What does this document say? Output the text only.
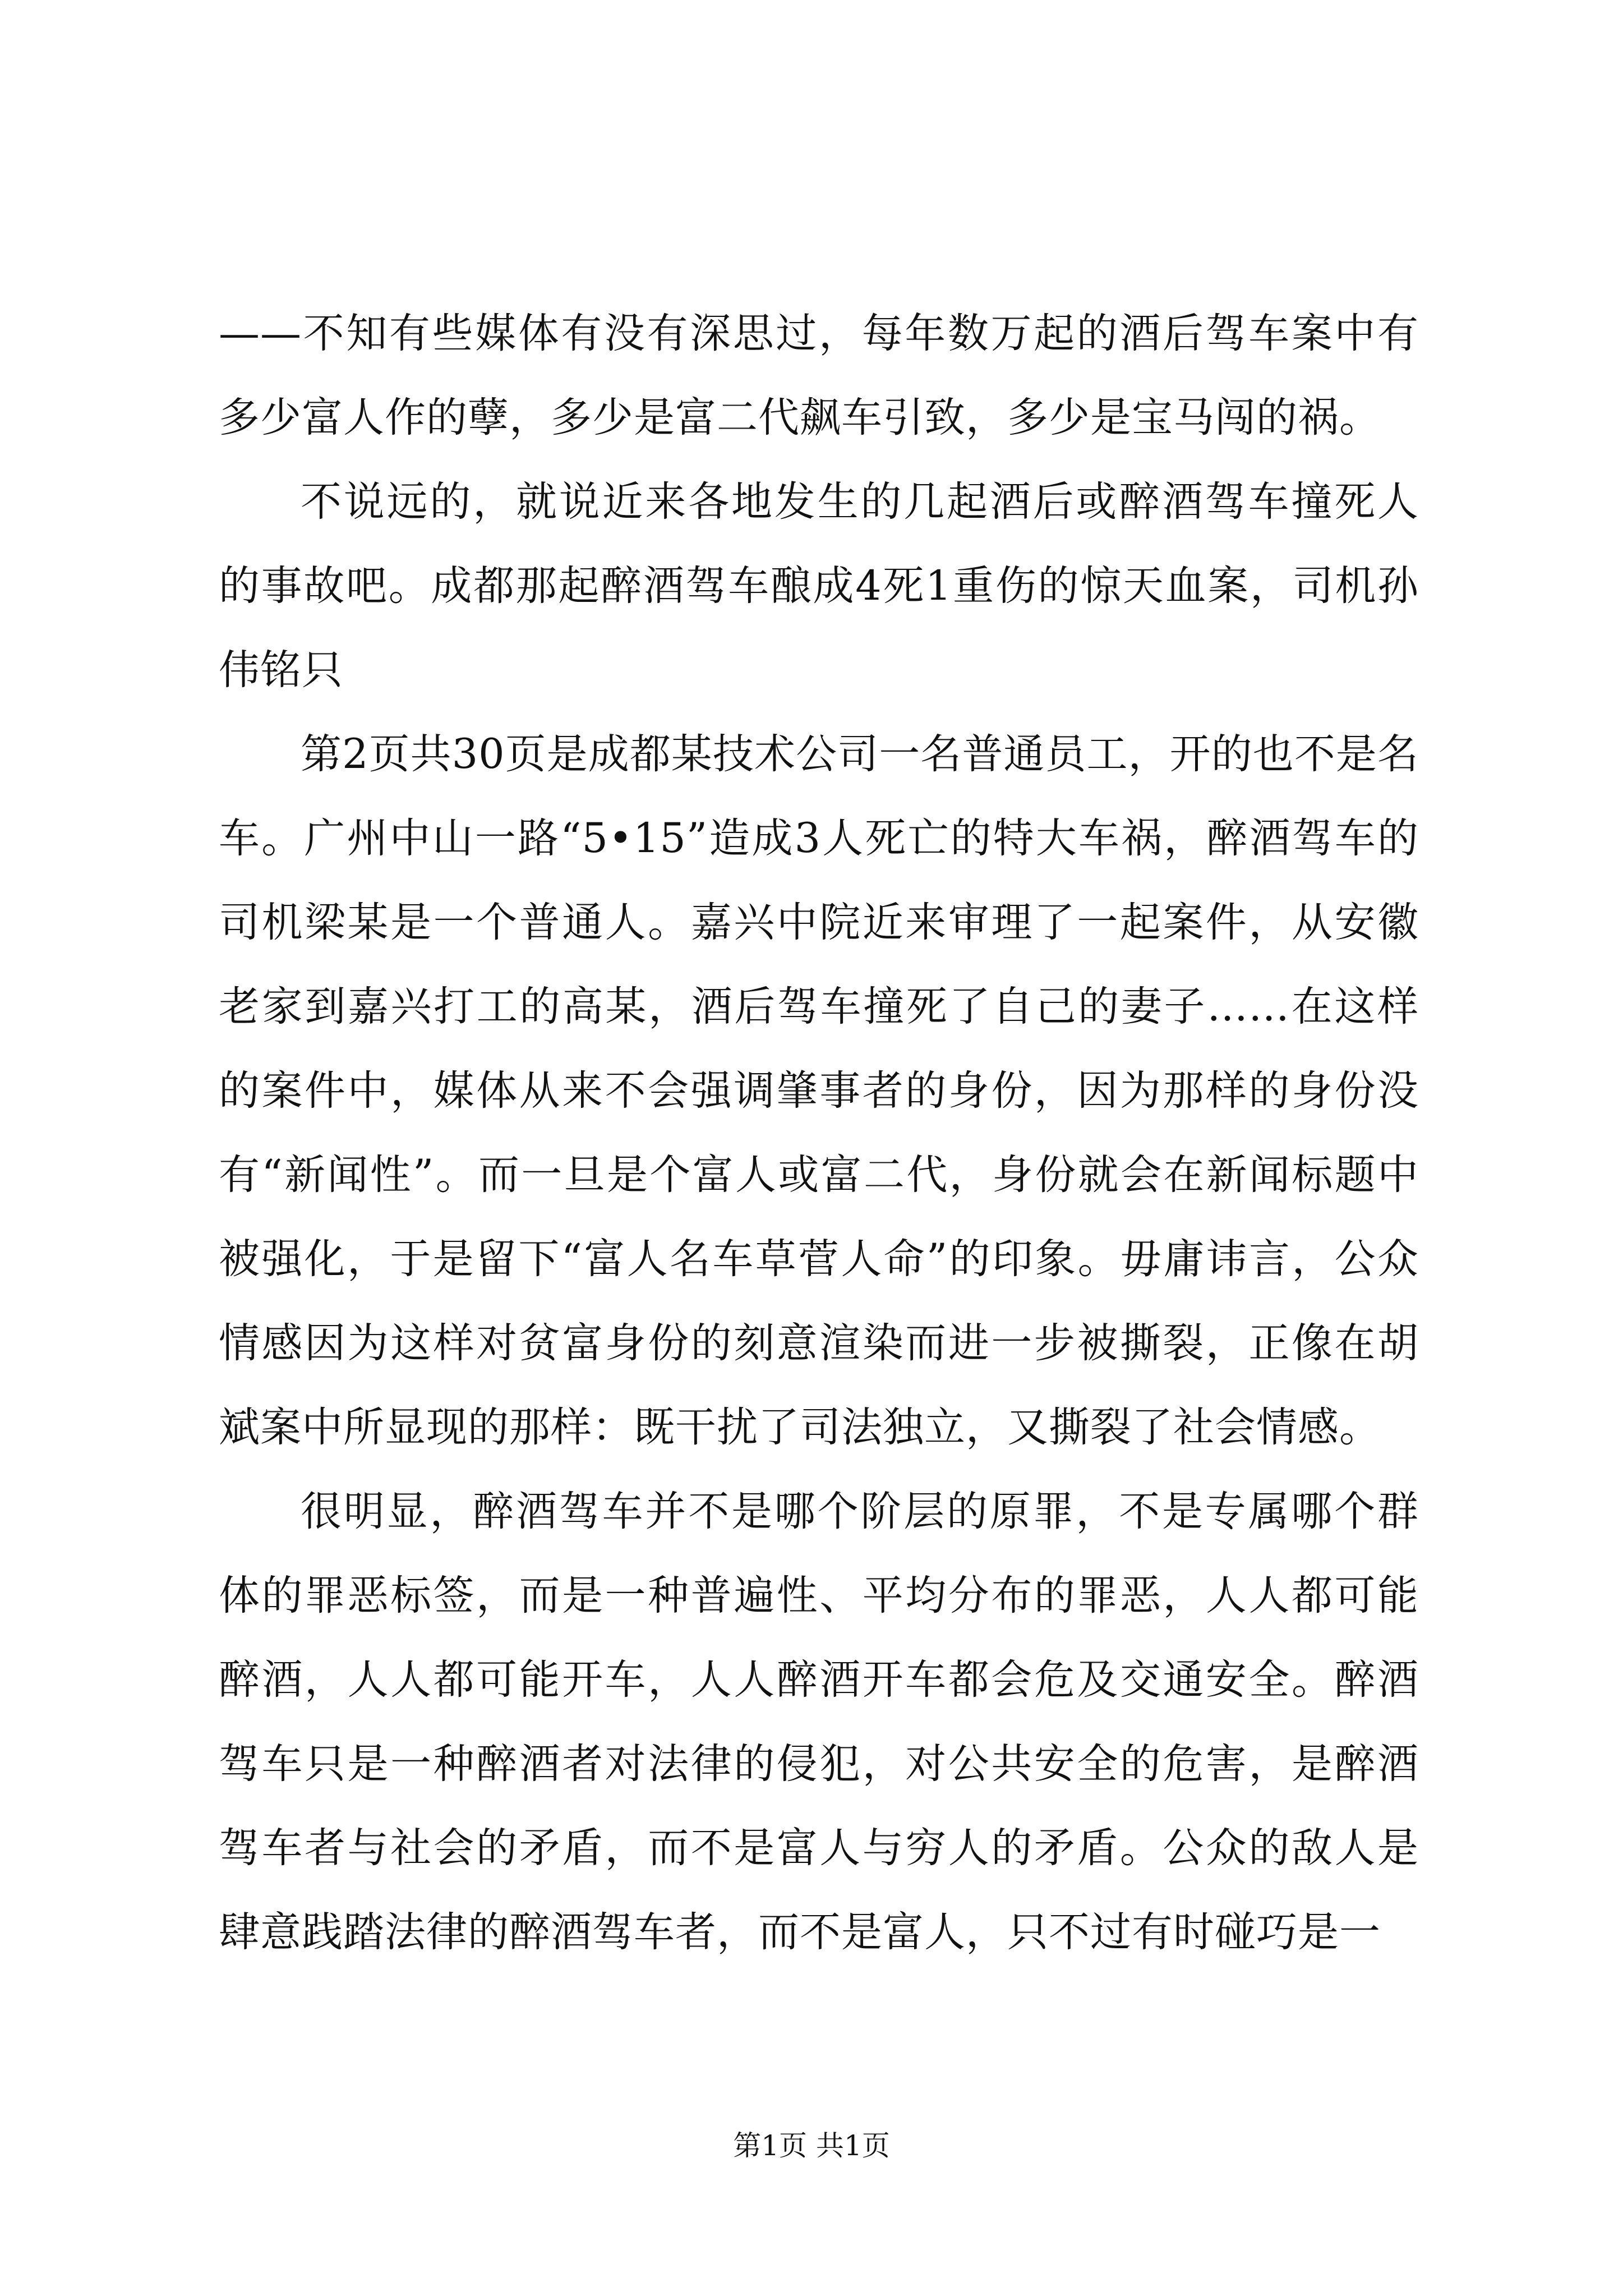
——不知有些媒体有没有深思过，每年数万起的酒后驾车案中有多少富人作的孽，多少是富二代飙车引致，多少是宝马闯的祸。

不说远的，就说近来各地发生的几起酒后或醉酒驾车撞死人的事故吧。成都那起醉酒驾车酿成4死1重伤的惊天血案，司机孙伟铭只

第2页共30页是成都某技术公司一名普通员工，开的也不是名车。广州中山一路“5•15”造成3人死亡的特大车祸，醉酒驾车的司机梁某是一个普通人。嘉兴中院近来审理了一起案件，从安徽老家到嘉兴打工的高某，酒后驾车撞死了自己的妻子……在这样的案件中，媒体从来不会强调肇事者的身份，因为那样的身份没有“新闻性”。而一旦是个富人或富二代，身份就会在新闻标题中被强化，于是留下“富人名车草菅人命”的印象。毋庸讳言，公众情感因为这样对贫富身份的刻意渲染而进一步被撕裂，正像在胡斌案中所显现的那样：既干扰了司法独立，又撕裂了社会情感。

很明显，醉酒驾车并不是哪个阶层的原罪，不是专属哪个群体的罪恶标签，而是一种普遍性、平均分布的罪恶，人人都可能醉酒，人人都可能开车，人人醉酒开车都会危及交通安全。醉酒驾车只是一种醉酒者对法律的侵犯，对公共安全的危害，是醉酒驾车者与社会的矛盾，而不是富人与穷人的矛盾。公众的敌人是肆意践踏法律的醉酒驾车者，而不是富人，只不过有时碰巧是一

第1页 共1页
